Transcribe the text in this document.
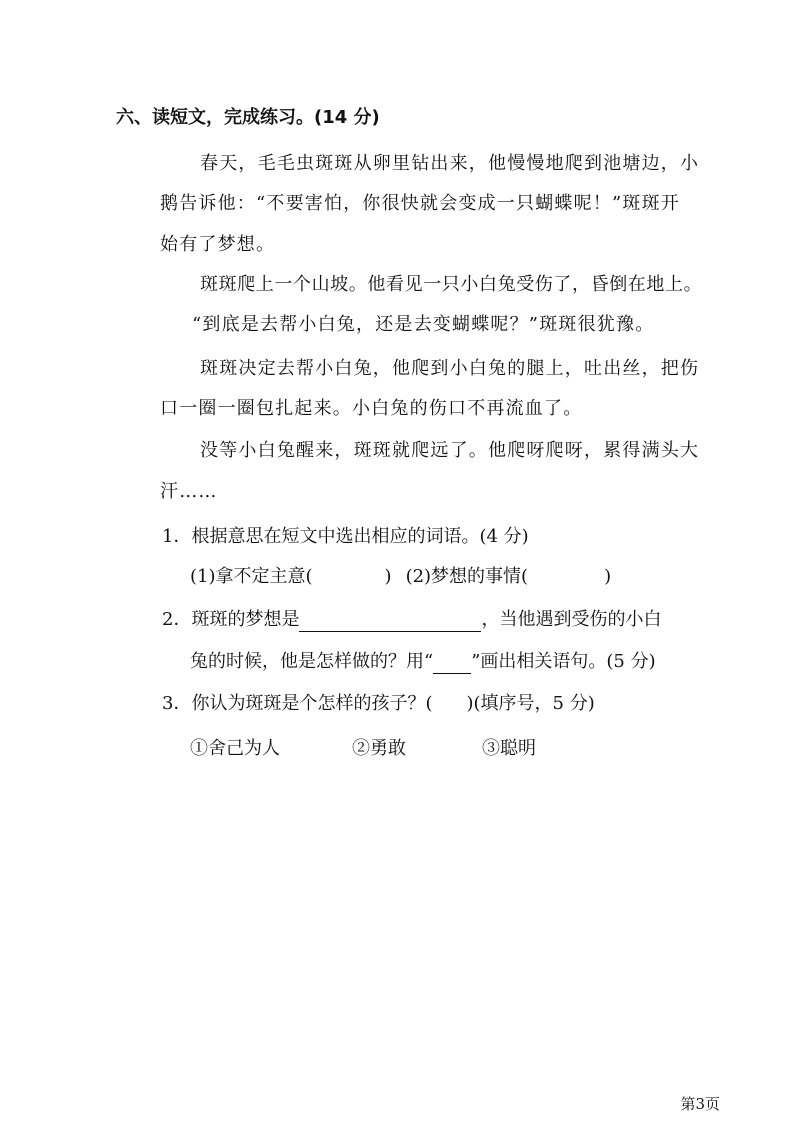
六、读短文，完成练习。(14 分)
春天，毛毛虫斑斑从卵里钻出来，他慢慢地爬到池塘边，小
鹅告诉他：“不要害怕，你很快就会变成一只蝴蝶呢！”斑斑开
始有了梦想。
斑斑爬上一个山坡。他看见一只小白兔受伤了，昏倒在地上。
“到底是去帮小白兔，还是去变蝴蝶呢？”斑斑很犹豫。
斑斑决定去帮小白兔，他爬到小白兔的腿上，吐出丝，把伤
口一圈一圈包扎起来。小白兔的伤口不再流血了。
没等小白兔醒来，斑斑就爬远了。他爬呀爬呀，累得满头大
汗……
1．根据意思在短文中选出相应的词语。(4 分)
(1)拿不定主意(	) (2)梦想的事情(	)
2．斑斑的梦想是	，当他遇到受伤的小白
兔的时候，他是怎样做的？用“ ”画出相关语句。(5 分)
3．你认为斑斑是个怎样的孩子？( )(填序号，5 分)
①舍己为人	②勇敢	③聪明
第3页
